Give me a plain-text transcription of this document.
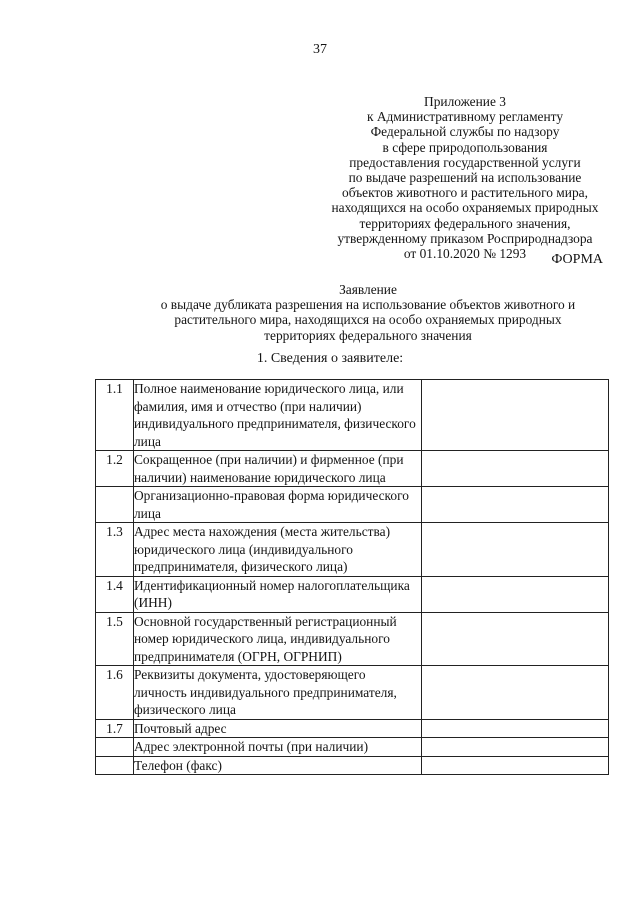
37
Приложение 3
к Административному регламенту
Федеральной службы по надзору
в сфере природопользования
предоставления государственной услуги
по выдаче разрешений на использование
объектов животного и растительного мира,
находящихся на особо охраняемых природных
территориях федерального значения,
утвержденному приказом Росприроднадзора
от 01.10.2020 № 1293	ФОРМА
Заявление
о выдаче дубликата разрешения на использование объектов животного и
растительного мира, находящихся на особо охраняемых природных
территориях федерального значения
1. Сведения о заявителе:
1.1	Полное наименование юридического лица, или фамилия, имя и отчество (при наличии) индивидуального предпринимателя, физического лица	
1.2	Сокращенное (при наличии) и фирменное (при наличии) наименование юридического лица	
	Организационно-правовая форма юридического лица	
1.3	Адрес места нахождения (места жительства) юридического лица (индивидуального предпринимателя, физического лица)	
1.4	Идентификационный номер налогоплательщика (ИНН)	
1.5	Основной государственный регистрационный номер юридического лица, индивидуального предпринимателя (ОГРН, ОГРНИП)	
1.6	Реквизиты документа, удостоверяющего личность индивидуального предпринимателя, физического лица	
1.7	Почтовый адрес	
	Адрес электронной почты (при наличии)	
	Телефон (факс)	
